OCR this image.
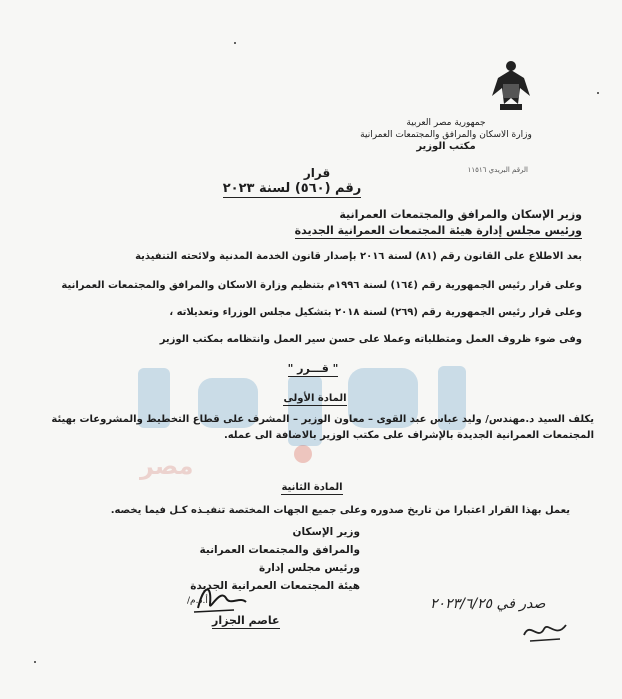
مصر
جمهورية مصر العربية
وزارة الاسكان والمرافق والمجتمعات العمرانية
مكتب الوزير
الرقم البريدي ١١٥١٦
قرار
رقم (٥٦٠) لسنة ٢٠٢٣
وزير الإسكان والمرافق والمجتمعات العمرانية
ورئيس مجلس إدارة هيئة المجتمعات العمرانية الجديدة
بعد الاطلاع على القانون رقم (٨١) لسنة ٢٠١٦ بإصدار قانون الخدمة المدنية ولائحته التنفيذية
وعلى قرار رئيس الجمهورية رقم (١٦٤) لسنة ١٩٩٦م بتنظيم وزارة الاسكان والمرافق والمجتمعات العمرانية
وعلى قرار رئيس الجمهورية رقم (٢٦٩) لسنة ٢٠١٨ بتشكيل مجلس الوزراء وتعديلاته ،
وفى ضوء ظروف العمل ومتطلباته وعملا على حسن سير العمل وانتظامه بمكتب الوزير
" قـــرر "
المادة الأولى
يكلف السيد د.مهندس/ وليد عباس عبد القوى – معاون الوزير – المشرف على قطاع التخطيط والمشروعات بهيئة المجتمعات العمرانية الجديدة بالإشراف على مكتب الوزير بالاضافة الى عمله.
المادة الثانية
يعمل بهذا القرار اعتبارا من تاريخ صدوره وعلى جميع الجهات المختصة تنفيـذه كـل فيما يخصه.
وزير الإسكان
والمرافق والمجتمعات العمرانية
ورئيس مجلس إدارة
هيئة المجتمعات العمرانية الجديدة
أ.د.م/
عاصم الجزار
صدر في ٢٠٢٣/٦/٢٥
